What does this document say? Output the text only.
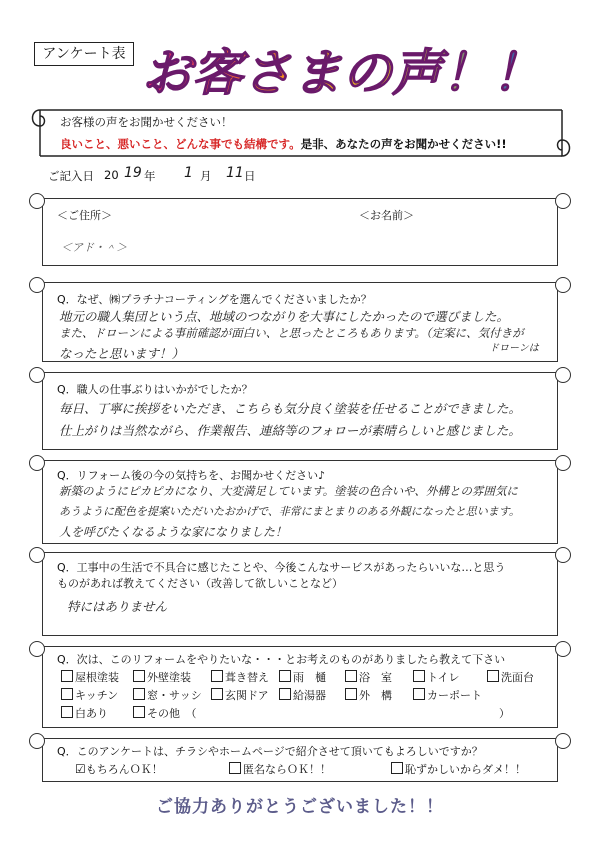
アンケート表 お客さまの声！！
お客様の声をお聞かせください！
良いこと、悪いこと、どんな事でも結構です。是非、あなたの声をお聞かせください!!
ご記入日 20 19 年 1 月 11 日
＜ご住所＞	＜お名前＞
＜アド・＾＞
Q．なぜ、㈱プラチナコーティングを選んでくださいましたか？
地元の職人集団という点、地域のつながりを大事にしたかったので選びました。
また、ドローンによる事前確認が面白い、と思ったところもあります。（定案に、気付きが
なったと思います！）	ドローンは
Q．職人の仕事ぶりはいかがでしたか？
毎日、丁寧に挨拶をいただき、こちらも気分良く塗装を任せることができました。
仕上がりは当然ながら、作業報告、連絡等のフォローが素晴らしいと感じました。
Q．リフォーム後の今の気持ちを、お聞かせください♪
新築のようにピカピカになり、大変満足しています。塗装の色合いや、外構との雰囲気に
あうように配色を提案いただいたおかげで、非常にまとまりのある外観になったと思います。
人を呼びたくなるような家になりました！
Q．工事中の生活で不具合に感じたことや、今後こんなサービスがあったらいいな…と思う
ものがあれば教えてください（改善して欲しいことなど）
特にはありません
Q．次は、このリフォームをやりたいな・・・とお考えのものがありましたら教えて下さい
屋根塗装	外壁塗装	葺き替え	雨　樋	浴　室	トイレ	洗面台
キッチン	窓・サッシ	玄関ドア	給湯器	外　構	カーポート
白あり	その他　（	）
Q．このアンケートは、チラシやホームページで紹介させて頂いてもよろしいですか？
☑もちろんＯＫ！	匿名ならＯＫ！！	恥ずかしいからダメ！！
ご協力ありがとうございました！！
